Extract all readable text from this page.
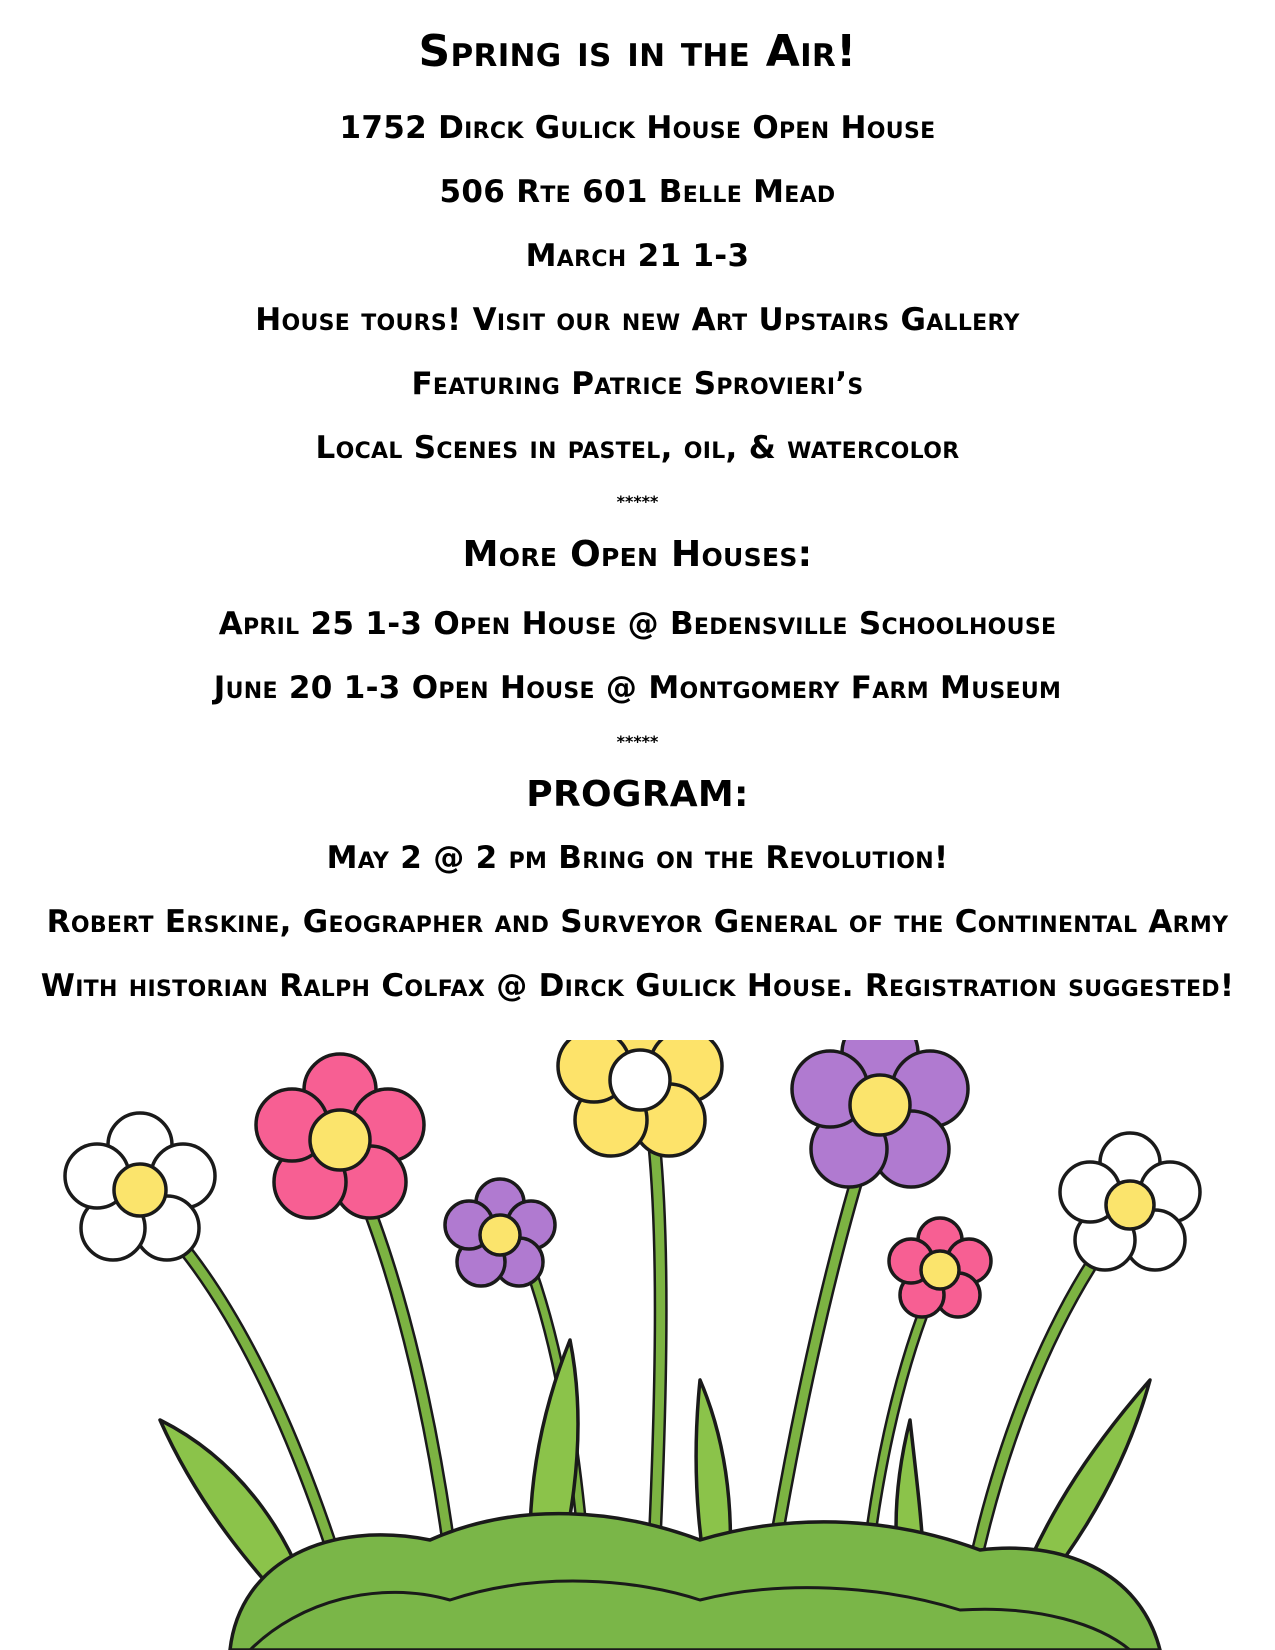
Spring is in the Air!
1752 Dirck Gulick House Open House
506 Rte 601 Belle Mead
March 21 1-3
House tours! Visit our new Art Upstairs Gallery
Featuring Patrice Sprovieri’s
Local Scenes in pastel, oil, & watercolor
*****
More Open Houses:
April 25 1-3 Open House @ Bedensville Schoolhouse
June 20 1-3 Open House @ Montgomery Farm Museum
*****
PROGRAM:
May 2 @ 2 pm Bring on the Revolution!
Robert Erskine, Geographer and Surveyor General of the Continental Army
With historian Ralph Colfax @ Dirck Gulick House. Registration suggested!
